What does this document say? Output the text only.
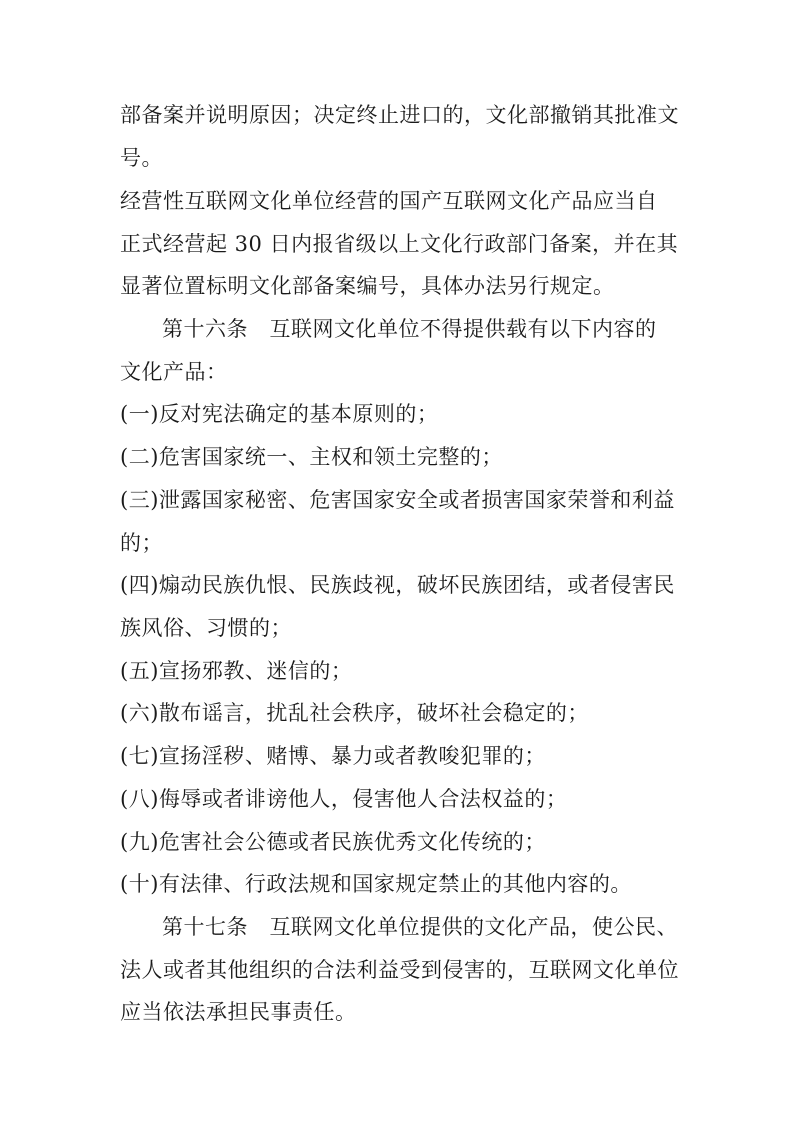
部备案并说明原因；决定终止进口的，文化部撤销其批准文
号。
经营性互联网文化单位经营的国产互联网文化产品应当自
正式经营起 30 日内报省级以上文化行政部门备案，并在其
显著位置标明文化部备案编号，具体办法另行规定。
第十六条　互联网文化单位不得提供载有以下内容的
文化产品：
(一)反对宪法确定的基本原则的；
(二)危害国家统一、主权和领土完整的；
(三)泄露国家秘密、危害国家安全或者损害国家荣誉和利益
的；
(四)煽动民族仇恨、民族歧视，破坏民族团结，或者侵害民
族风俗、习惯的；
(五)宣扬邪教、迷信的；
(六)散布谣言，扰乱社会秩序，破坏社会稳定的；
(七)宣扬淫秽、赌博、暴力或者教唆犯罪的；
(八)侮辱或者诽谤他人，侵害他人合法权益的；
(九)危害社会公德或者民族优秀文化传统的；
(十)有法律、行政法规和国家规定禁止的其他内容的。
第十七条　互联网文化单位提供的文化产品，使公民、
法人或者其他组织的合法利益受到侵害的，互联网文化单位
应当依法承担民事责任。
